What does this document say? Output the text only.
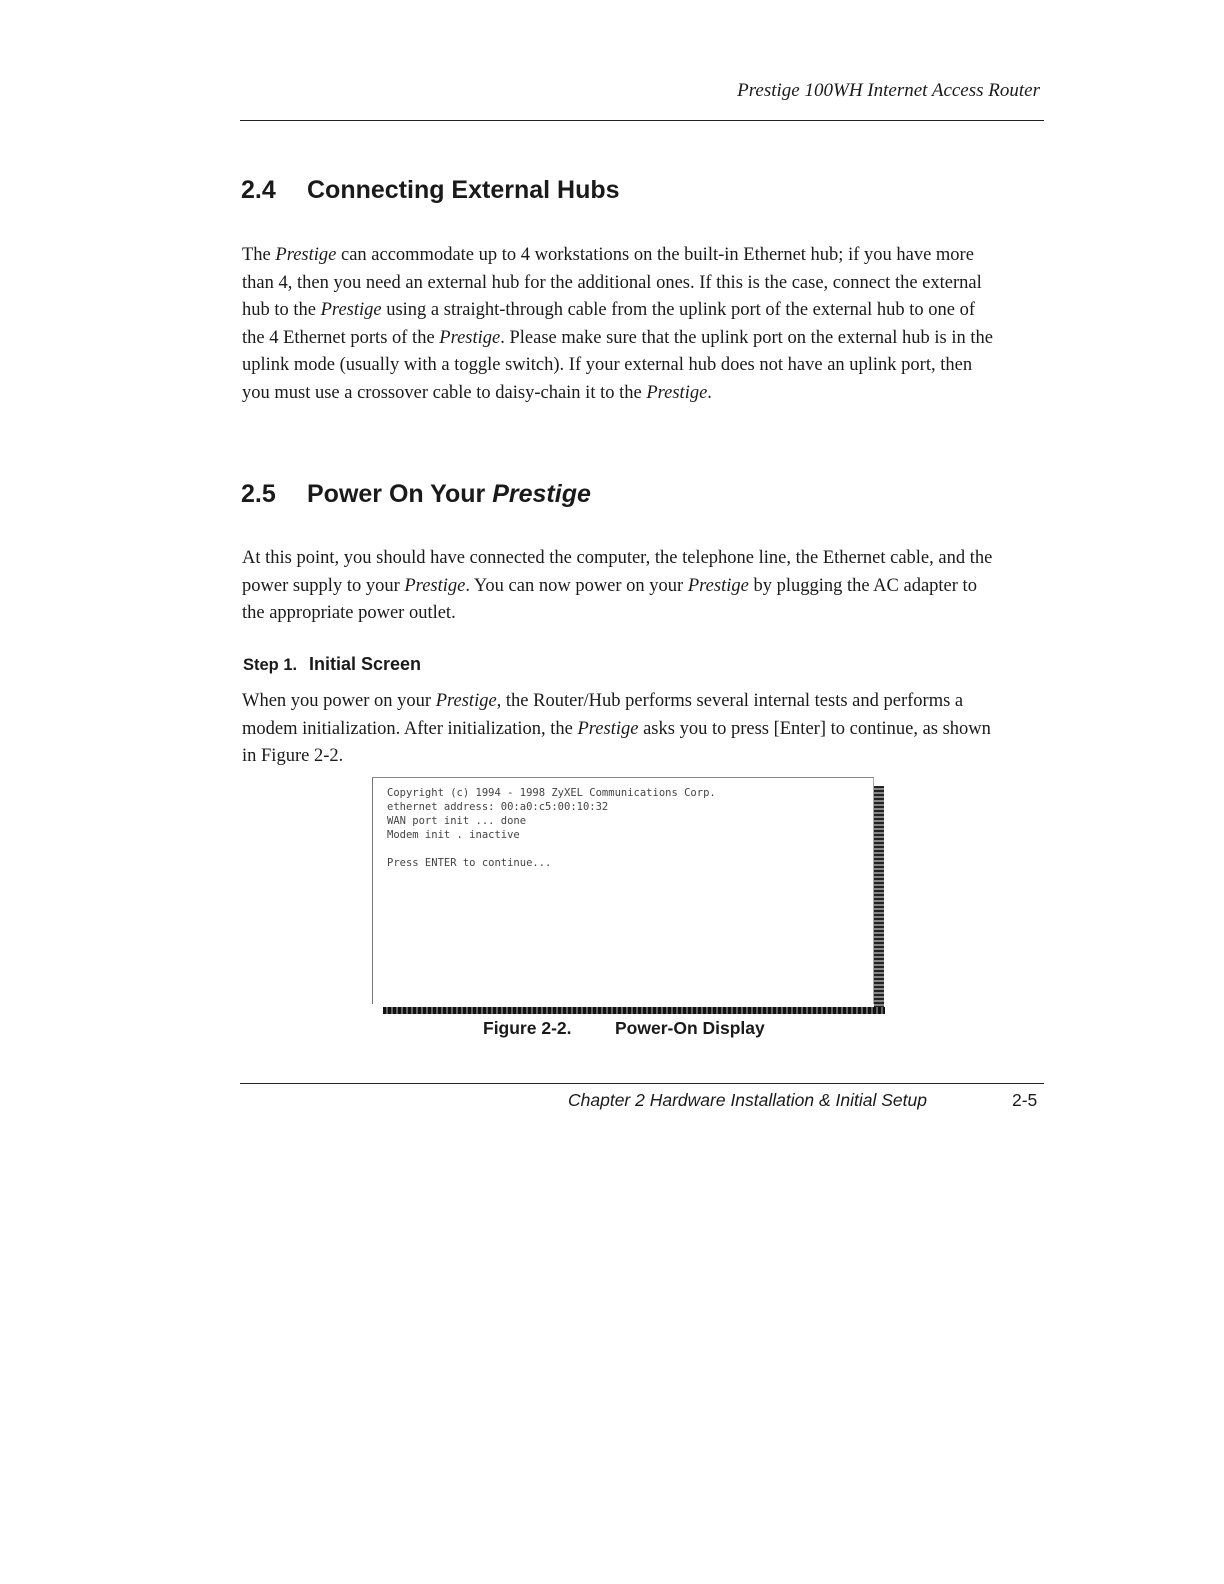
Prestige 100WH Internet Access Router
2.4 Connecting External Hubs
The Prestige can accommodate up to 4 workstations on the built-in Ethernet hub; if you have more than 4, then you need an external hub for the additional ones. If this is the case, connect the external hub to the Prestige using a straight-through cable from the uplink port of the external hub to one of the 4 Ethernet ports of the Prestige. Please make sure that the uplink port on the external hub is in the uplink mode (usually with a toggle switch). If your external hub does not have an uplink port, then you must use a crossover cable to daisy-chain it to the Prestige.
2.5 Power On Your Prestige
At this point, you should have connected the computer, the telephone line, the Ethernet cable, and the power supply to your Prestige. You can now power on your Prestige by plugging the AC adapter to the appropriate power outlet.
Step 1. Initial Screen
When you power on your Prestige, the Router/Hub performs several internal tests and performs a modem initialization. After initialization, the Prestige asks you to press [Enter] to continue, as shown in Figure 2-2.
Copyright (c) 1994 - 1998 ZyXEL Communications Corp.
ethernet address: 00:a0:c5:00:10:32
WAN port init ... done
Modem init . inactive
Press ENTER to continue...
Figure 2-2. Power-On Display
Chapter 2 Hardware Installation & Initial Setup	2-5
